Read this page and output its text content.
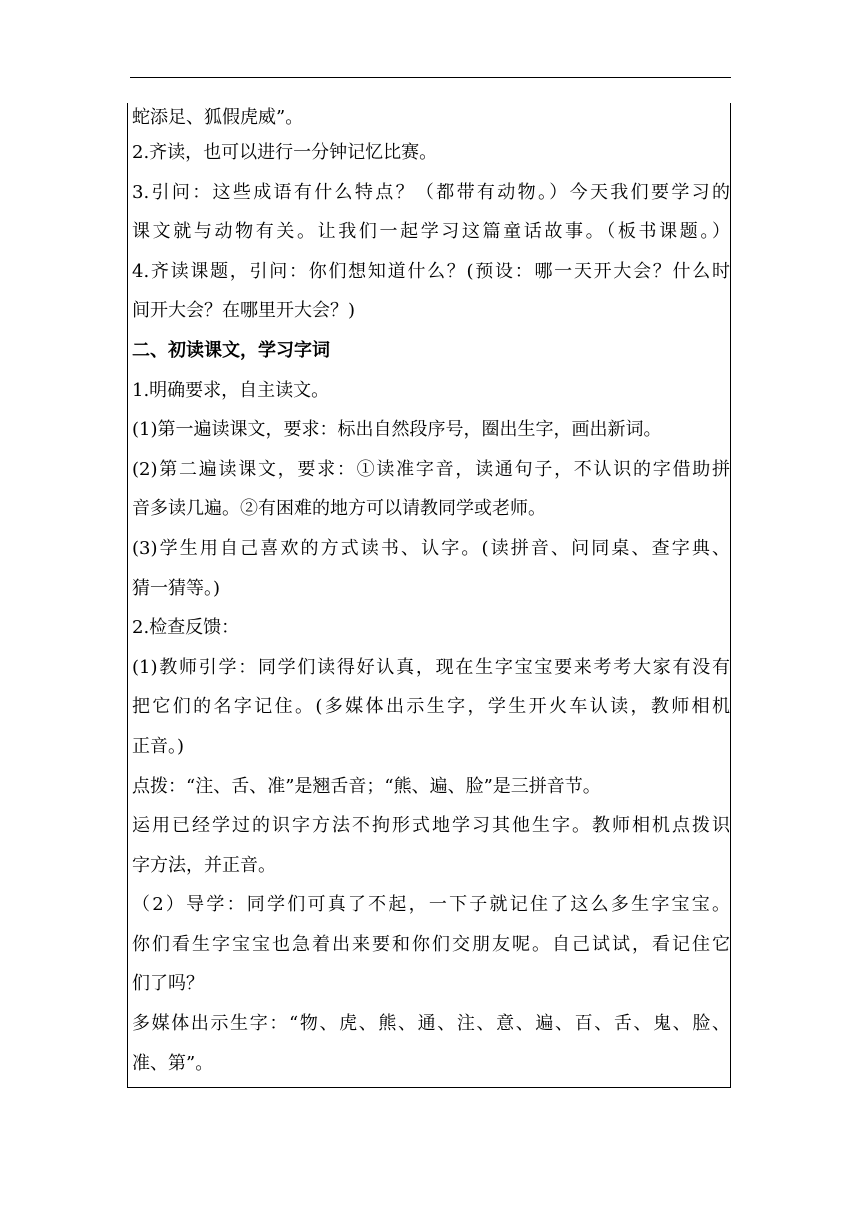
蛇添足、狐假虎威”。
2.齐读，也可以进行一分钟记忆比赛。
3.引问：这些成语有什么特点？（都带有动物。）今天我们要学习的
课文就与动物有关。让我们一起学习这篇童话故事。（板书课题。）
4.齐读课题，引问：你们想知道什么？(预设：哪一天开大会？什么时
间开大会？在哪里开大会？)
二、初读课文，学习字词
1.明确要求，自主读文。
(1)第一遍读课文，要求：标出自然段序号，圈出生字，画出新词。
(2)第二遍读课文，要求：①读准字音，读通句子，不认识的字借助拼
音多读几遍。②有困难的地方可以请教同学或老师。
(3)学生用自己喜欢的方式读书、认字。(读拼音、问同桌、查字典、
猜一猜等。)
2.检查反馈：
(1)教师引学：同学们读得好认真，现在生字宝宝要来考考大家有没有
把它们的名字记住。(多媒体出示生字，学生开火车认读，教师相机
正音。)
点拨：“注、舌、准”是翘舌音；“熊、遍、脸”是三拼音节。
运用已经学过的识字方法不拘形式地学习其他生字。教师相机点拨识
字方法，并正音。
（2）导学：同学们可真了不起，一下子就记住了这么多生字宝宝。
你们看生字宝宝也急着出来要和你们交朋友呢。自己试试，看记住它
们了吗？
多媒体出示生字：“物、虎、熊、通、注、意、遍、百、舌、鬼、脸、
准、第”。
